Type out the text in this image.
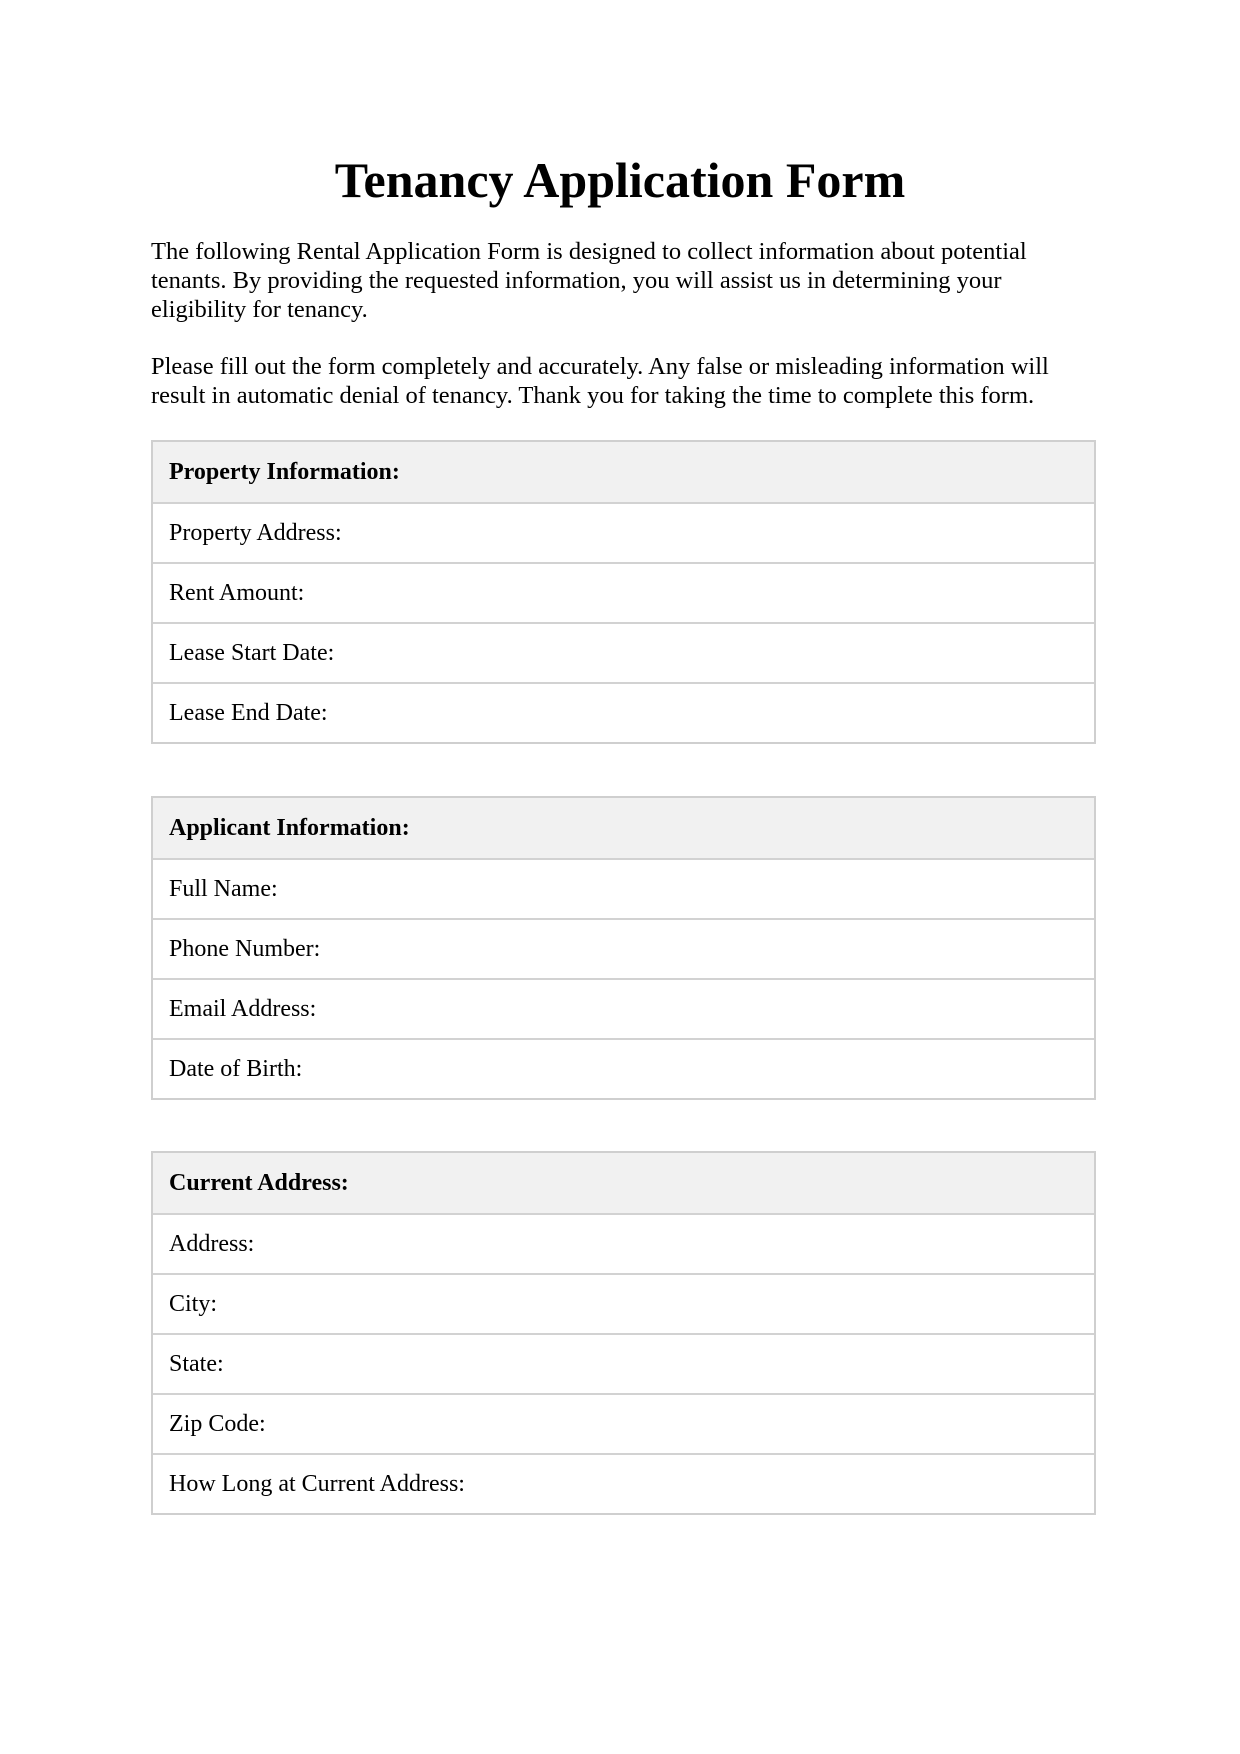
Tenancy Application Form

The following Rental Application Form is designed to collect information about potential tenants. By providing the requested information, you will assist us in determining your eligibility for tenancy.

Please fill out the form completely and accurately. Any false or misleading information will result in automatic denial of tenancy. Thank you for taking the time to complete this form.

Property Information:
Property Address:
Rent Amount:
Lease Start Date:
Lease End Date:
Applicant Information:
Full Name:
Phone Number:
Email Address:
Date of Birth:
Current Address:
Address:
City:
State:
Zip Code:
How Long at Current Address:
